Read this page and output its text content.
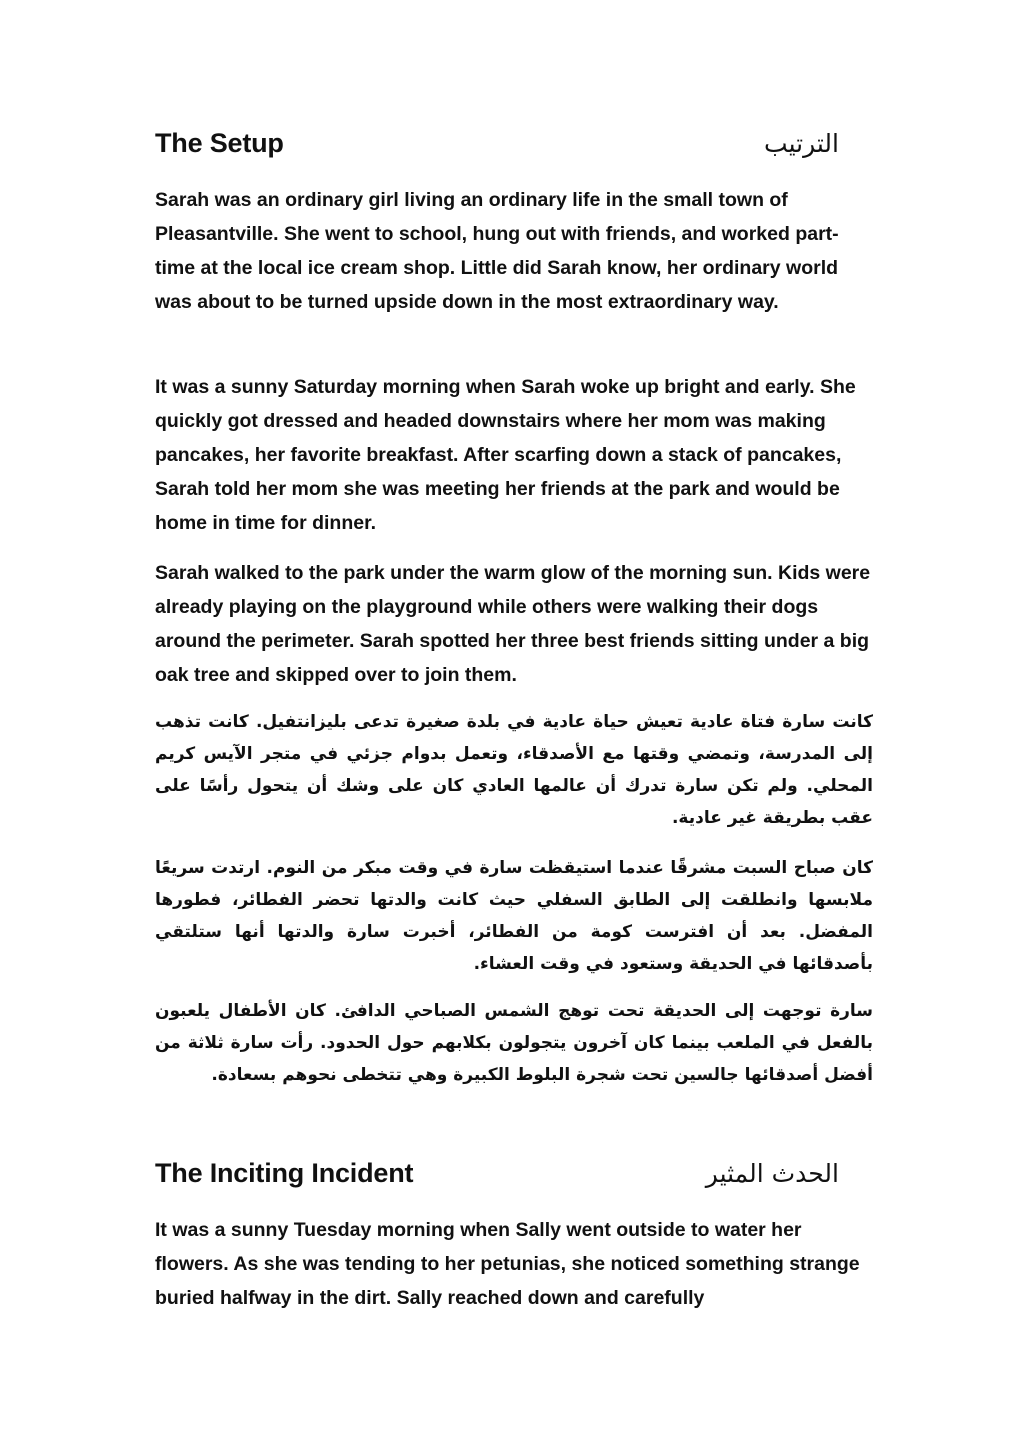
The Setup	الترتيب

Sarah was an ordinary girl living an ordinary life in the small town of Pleasantville. She went to school, hung out with friends, and worked part-time at the local ice cream shop. Little did Sarah know, her ordinary world was about to be turned upside down in the most extraordinary way.

It was a sunny Saturday morning when Sarah woke up bright and early. She quickly got dressed and headed downstairs where her mom was making pancakes, her favorite breakfast. After scarfing down a stack of pancakes, Sarah told her mom she was meeting her friends at the park and would be home in time for dinner.

Sarah walked to the park under the warm glow of the morning sun. Kids were already playing on the playground while others were walking their dogs around the perimeter. Sarah spotted her three best friends sitting under a big oak tree and skipped over to join them.

كانت سارة فتاة عادية تعيش حياة عادية في بلدة صغيرة تدعى بليزانتفيل. كانت تذهب إلى المدرسة، وتمضي وقتها مع الأصدقاء، وتعمل بدوام جزئي في متجر الآيس كريم المحلي. ولم تكن سارة تدرك أن عالمها العادي كان على وشك أن يتحول رأسًا على عقب بطريقة غير عادية.

كان صباح السبت مشرقًا عندما استيقظت سارة في وقت مبكر من النوم. ارتدت سريعًا ملابسها وانطلقت إلى الطابق السفلي حيث كانت والدتها تحضر الفطائر، فطورها المفضل. بعد أن افترست كومة من الفطائر، أخبرت سارة والدتها أنها ستلتقي بأصدقائها في الحديقة وستعود في وقت العشاء.

سارة توجهت إلى الحديقة تحت توهج الشمس الصباحي الدافئ. كان الأطفال يلعبون بالفعل في الملعب بينما كان آخرون يتجولون بكلابهم حول الحدود. رأت سارة ثلاثة من أفضل أصدقائها جالسين تحت شجرة البلوط الكبيرة وهي تتخطى نحوهم بسعادة.

The Inciting Incident	الحدث المثير

It was a sunny Tuesday morning when Sally went outside to water her flowers. As she was tending to her petunias, she noticed something strange buried halfway in the dirt. Sally reached down and carefully
